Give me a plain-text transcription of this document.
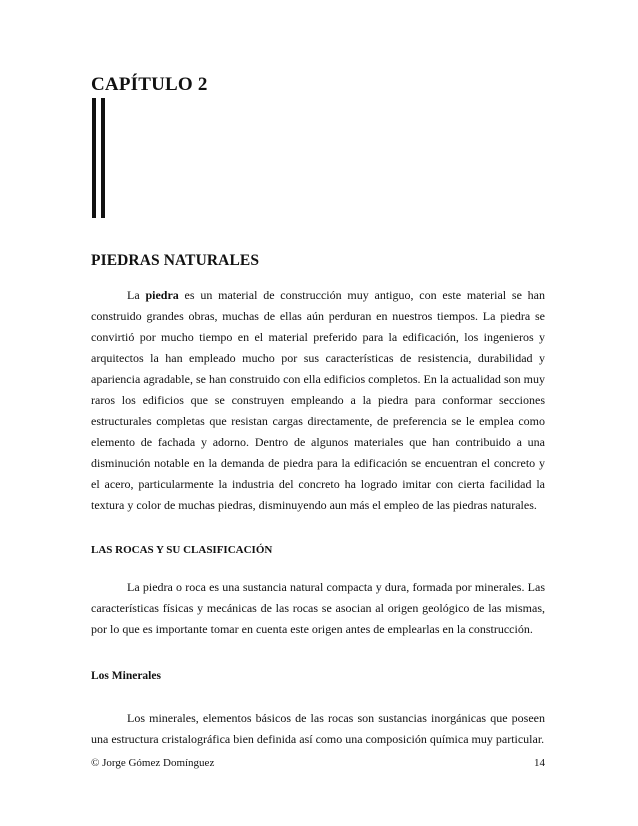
CAPÍTULO 2
PIEDRAS NATURALES

La piedra es un material de construcción muy antiguo, con este material se han construido grandes obras, muchas de ellas aún perduran en nuestros tiempos. La piedra se convirtió por mucho tiempo en el material preferido para la edificación, los ingenieros y arquitectos la han empleado mucho por sus características de resistencia, durabilidad y apariencia agradable, se han construido con ella edificios completos. En la actualidad son muy raros los edificios que se construyen empleando a la piedra para conformar secciones estructurales completas que resistan cargas directamente, de preferencia se le emplea como elemento de fachada y adorno. Dentro de algunos materiales que han contribuido a una disminución notable en la demanda de piedra para la edificación se encuentran el concreto y el acero, particularmente la industria del concreto ha logrado imitar con cierta facilidad la textura y color de muchas piedras, disminuyendo aun más el empleo de las piedras naturales.

LAS ROCAS Y SU CLASIFICACIÓN

La piedra o roca es una sustancia natural compacta y dura, formada por minerales. Las características físicas y mecánicas de las rocas se asocian al origen geológico de las mismas, por lo que es importante tomar en cuenta este origen antes de emplearlas en la construcción.

Los Minerales

Los minerales, elementos básicos de las rocas son sustancias inorgánicas que poseen una estructura cristalográfica bien definida así como una composición química muy particular.

© Jorge Gómez Domínguez	14
